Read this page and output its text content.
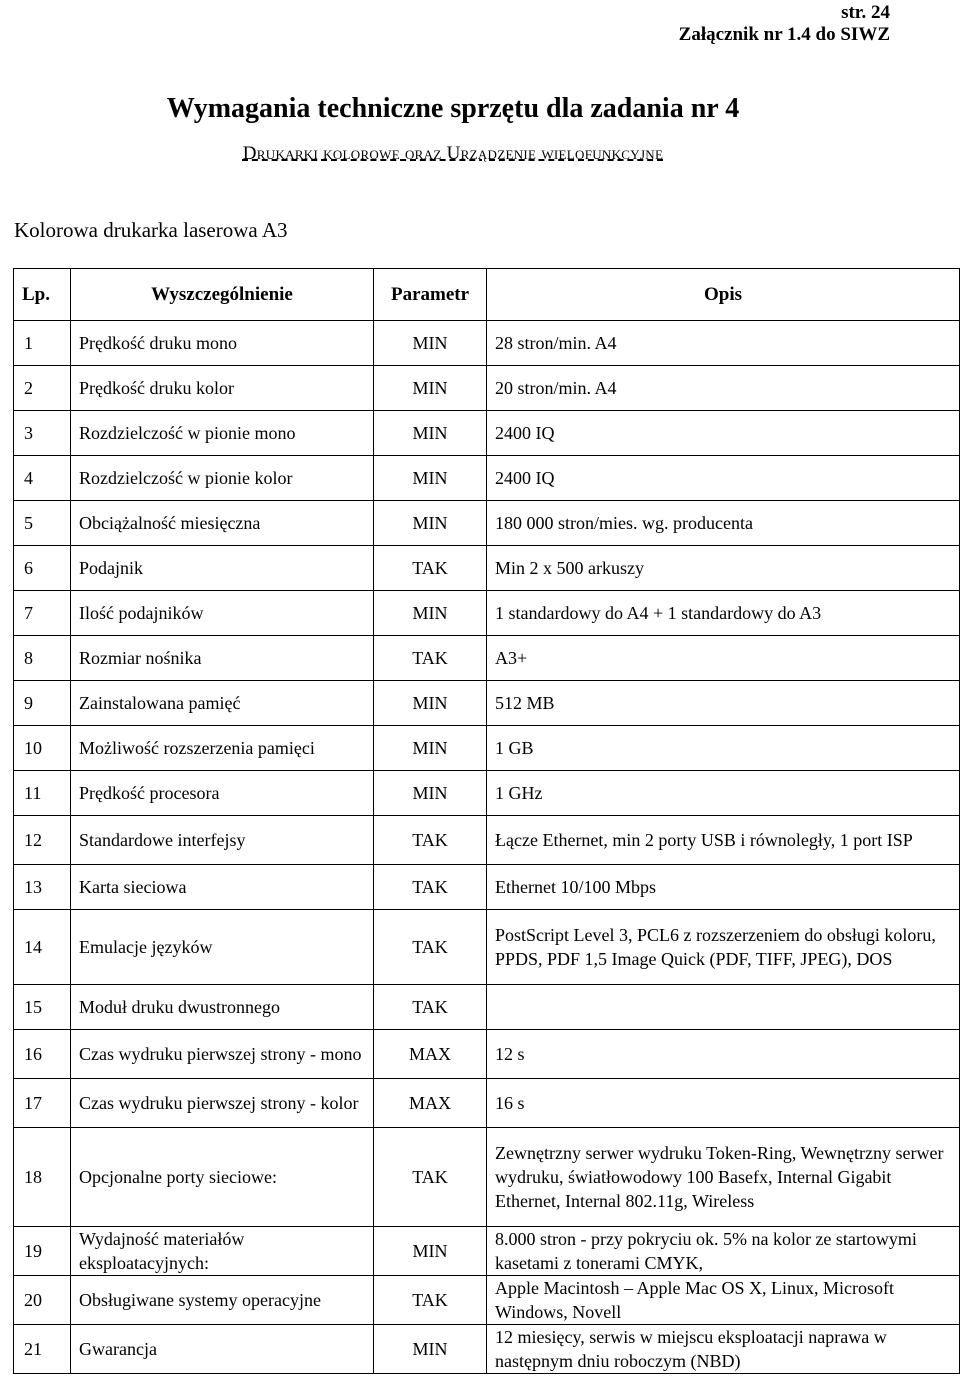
str. 24
Załącznik nr 1.4 do SIWZ
Wymagania techniczne sprzętu dla zadania nr 4
Drukarki kolorowe oraz Urządzenie wielofunkcyjne
Kolorowa drukarka laserowa A3
Lp.	Wyszczególnienie	Parametr	Opis
1	Prędkość druku mono	MIN	28 stron/min. A4
2	Prędkość druku kolor	MIN	20 stron/min. A4
3	Rozdzielczość w pionie mono	MIN	2400 IQ
4	Rozdzielczość w pionie kolor	MIN	2400 IQ
5	Obciążalność miesięczna	MIN	180 000 stron/mies. wg. producenta
6	Podajnik	TAK	Min 2 x 500 arkuszy
7	Ilość podajników	MIN	1 standardowy do A4 + 1 standardowy do A3
8	Rozmiar nośnika	TAK	A3+
9	Zainstalowana pamięć	MIN	512 MB
10	Możliwość rozszerzenia pamięci	MIN	1 GB
11	Prędkość procesora	MIN	1 GHz
12	Standardowe interfejsy	TAK	Łącze Ethernet, min 2 porty USB i równoległy, 1 port ISP
13	Karta sieciowa	TAK	Ethernet 10/100 Mbps
14	Emulacje języków	TAK	PostScript Level 3, PCL6 z rozszerzeniem do obsługi koloru, PPDS, PDF 1,5 Image Quick (PDF, TIFF, JPEG), DOS
15	Moduł druku dwustronnego	TAK	
16	Czas wydruku pierwszej strony - mono	MAX	12 s
17	Czas wydruku pierwszej strony - kolor	MAX	16 s
18	Opcjonalne porty sieciowe:	TAK	Zewnętrzny serwer wydruku Token-Ring, Wewnętrzny serwer wydruku, światłowodowy 100 Basefx, Internal Gigabit Ethernet, Internal 802.11g, Wireless
19	Wydajność materiałów eksploatacyjnych:	MIN	8.000 stron - przy pokryciu ok. 5% na kolor ze startowymi kasetami z tonerami CMYK,
20	Obsługiwane systemy operacyjne	TAK	Apple Macintosh – Apple Mac OS X, Linux, Microsoft Windows, Novell
21	Gwarancja	MIN	12 miesięcy, serwis w miejscu eksploatacji naprawa w następnym dniu roboczym (NBD)
